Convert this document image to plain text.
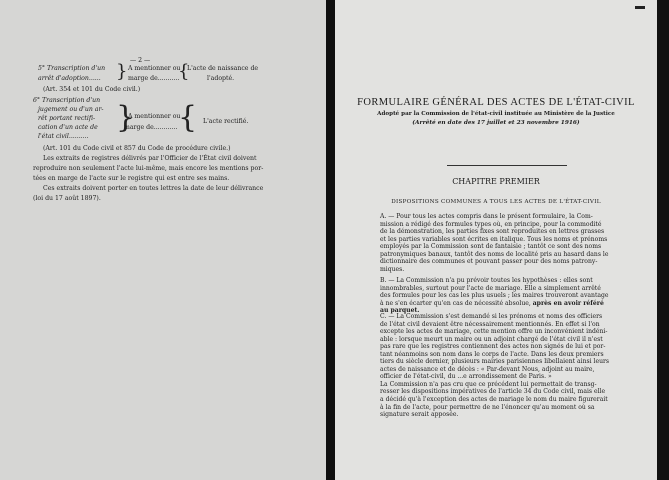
— 2 —
5° Transcription d'un
arrêt d'adoption...... } A mentionner ou
marge de...........
{
L'acte de naissance de
l'adopté.
(Art. 354 et 101 du Code civil.)
6° Transcription d'un
jugement ou d'un ar-
rêt portant rectifi-
cation d'un acte de
l'état civil..........
}
A mentionner ou
marge de............ { L'acte rectifié.
(Art. 101 du Code civil et 857 du Code de procédure civile.)
Les extraits de registres délivrés par l'Officier de l'État civil doivent
reproduire non seulement l'acte lui-même, mais encore les mentions por-
tées en marge de l'acte sur le registre qui est entre ses mains.
Ces extraits doivent porter en toutes lettres la date de leur délivrance
(loi du 17 août 1897).
FORMULAIRE GÉNÉRAL DES ACTES DE L'ÉTAT-CIVIL
Adopté par la Commission de l'état-civil instituée au Ministère de la Justice
(Arrêté en date des 17 juillet et 23 novembre 1916)
CHAPITRE PREMIER
DISPOSITIONS COMMUNES A TOUS LES ACTES DE L'ÉTAT-CIVIL
A. — Pour tous les actes compris dans le présent formulaire, la Com-
mission a rédigé des formules types où, en principe, pour la commodité
de la démonstration, les parties fixes sont reproduites en lettres grasses
et les parties variables sont écrites en italique. Tous les noms et prénoms
employés par la Commission sont de fantaisie ; tantôt ce sont des noms
patronymiques banaux, tantôt des noms de localité pris au hasard dans le
dictionnaire des communes et pouvant passer pour des noms patrony-
miques.
B. — La Commission n'a pu prévoir toutes les hypothèses : elles sont
innombrables, surtout pour l'acte de mariage. Elle a simplement arrêté
des formules pour les cas les plus usuels ; les maires trouveront avantage
à ne s'en écarter qu'en cas de nécessité absolue, après en avoir référé
au parquet.
C. — La Commission s'est demandé si les prénoms et noms des officiers
de l'état civil devaient être nécessairement mentionnés. En effet si l'on
excepte les actes de mariage, cette mention offre un inconvénient indéni-
able : lorsque meurt un maire ou un adjoint chargé de l'état civil il n'est
pas rare que les registres contiennent des actes non signés de lui et por-
tant néanmoins son nom dans le corps de l'acte. Dans les deux premiers
tiers du siècle dernier, plusieurs mairies parisiennes libellaient ainsi leurs
actes de naissance et de décès : « Par-devant Nous, adjoint au maire,
officier de l'état-civil, du ...e arrondissement de Paris. »
La Commission n'a pas cru que ce précédent lui permettait de transg-
resser les dispositions impératives de l'article 34 du Code civil, mais elle
a décidé qu'à l'exception des actes de mariage le nom du maire figurerait
à la fin de l'acte, pour permettre de ne l'énoncer qu'au moment où sa
signature serait apposée.
